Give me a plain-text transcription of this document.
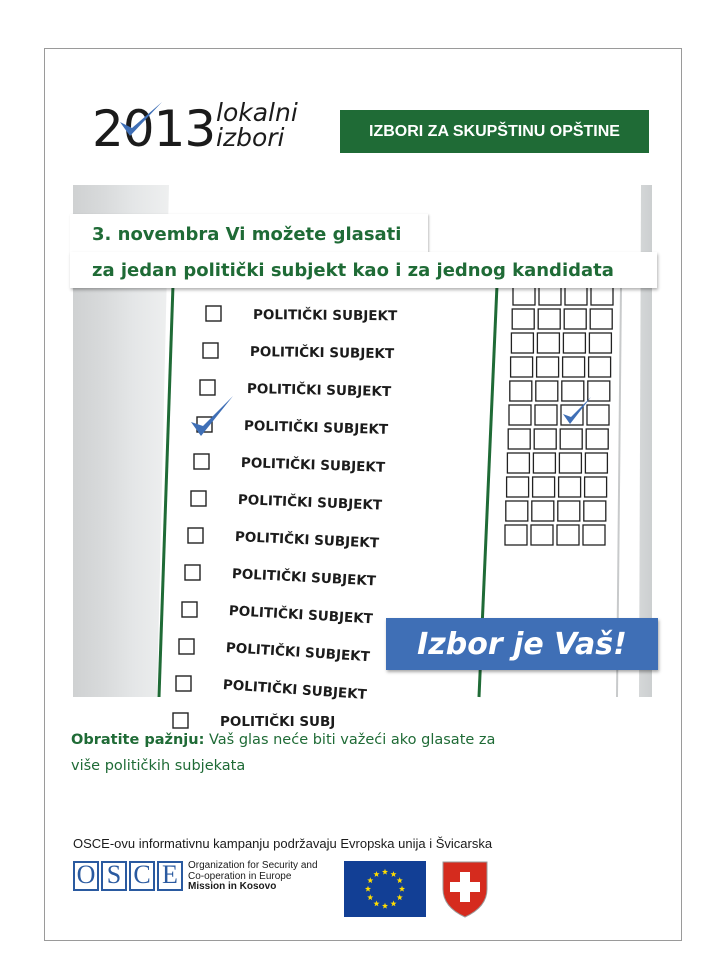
2013 lokalni
izbori	IZBORI ZA SKUPŠTINU OPŠTINE
POLITIČKI SUBJEKT
POLITIČKI SUBJEKT
POLITIČKI SUBJEKT
POLITIČKI SUBJEKT
POLITIČKI SUBJEKT
POLITIČKI SUBJEKT
POLITIČKI SUBJEKT
POLITIČKI SUBJEKT
POLITIČKI SUBJEKT
POLITIČKI SUBJEKT
POLITIČKI SUBJEKT
POLITIČKI SUBJ
3. novembra Vi možete glasati
za jedan politički subjekt kao i za jednog kandidata
Izbor je Vaš!
Obratite pažnju: Vaš glas neće biti važeći ako glasate za
više političkih subjekata
OSCE-ovu informativnu kampanju podržavaju Evropska unija i Švicarska
O S C E	Organization for Security and
Co-operation in Europe
Mission in Kosovo
